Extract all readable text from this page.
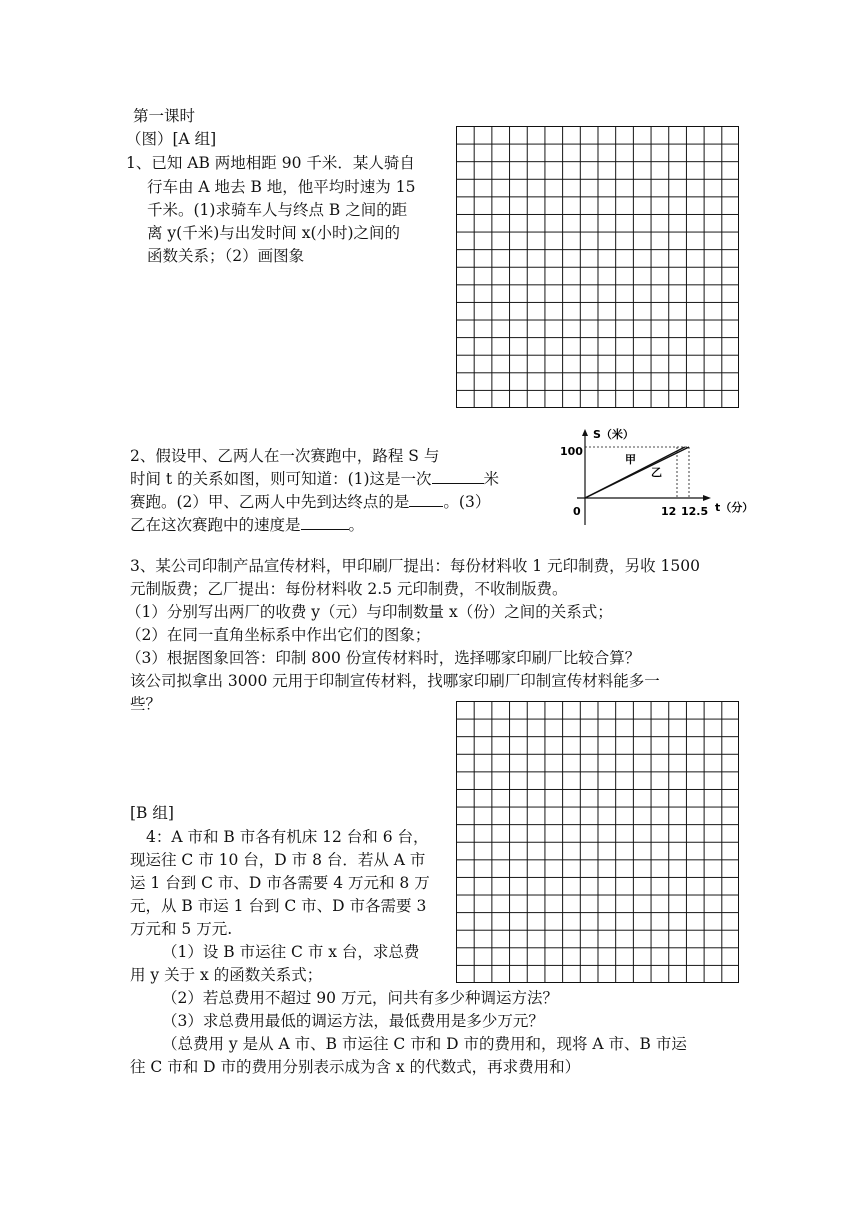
第一课时
（图）[A 组]
1、已知 AB 两地相距 90 千米．某人骑自
行车由 A 地去 B 地，他平均时速为 15
千米。(1)求骑车人与终点 B 之间的距
离 y(千米)与出发时间 x(小时)之间的
函数关系；（2）画图象
2、假设甲、乙两人在一次赛跑中，路程 S 与
时间 t 的关系如图，则可知道：(1)这是一次	米
赛跑。(2）甲、乙两人中先到达终点的是 。(3）
乙在这次赛跑中的速度是	。
S（米）
t（分）
100
0	12 12.5
甲
乙
3、某公司印制产品宣传材料，甲印刷厂提出：每份材料收 1 元印制费，另收 1500
元制版费；乙厂提出：每份材料收 2.5 元印制费，不收制版费。
（1）分别写出两厂的收费 y（元）与印制数量 x（份）之间的关系式；
（2）在同一直角坐标系中作出它们的图象；
（3）根据图象回答：印制 800 份宣传材料时，选择哪家印刷厂比较合算？
该公司拟拿出 3000 元用于印制宣传材料，找哪家印刷厂印制宣传材料能多一
些？
[B 组]
4：A 市和 B 市各有机床 12 台和 6 台，
现运往 C 市 10 台，D 市 8 台．若从 A 市
运 1 台到 C 市、D 市各需要 4 万元和 8 万
元，从 B 市运 1 台到 C 市、D 市各需要 3
万元和 5 万元.
（1）设 B 市运往 C 市 x 台，求总费
用 y 关于 x 的函数关系式；
（2）若总费用不超过 90 万元，问共有多少种调运方法？
（3）求总费用最低的调运方法，最低费用是多少万元？
（总费用 y 是从 A 市、B 市运往 C 市和 D 市的费用和，现将 A 市、B 市运
往 C 市和 D 市的费用分别表示成为含 x 的代数式，再求费用和）
